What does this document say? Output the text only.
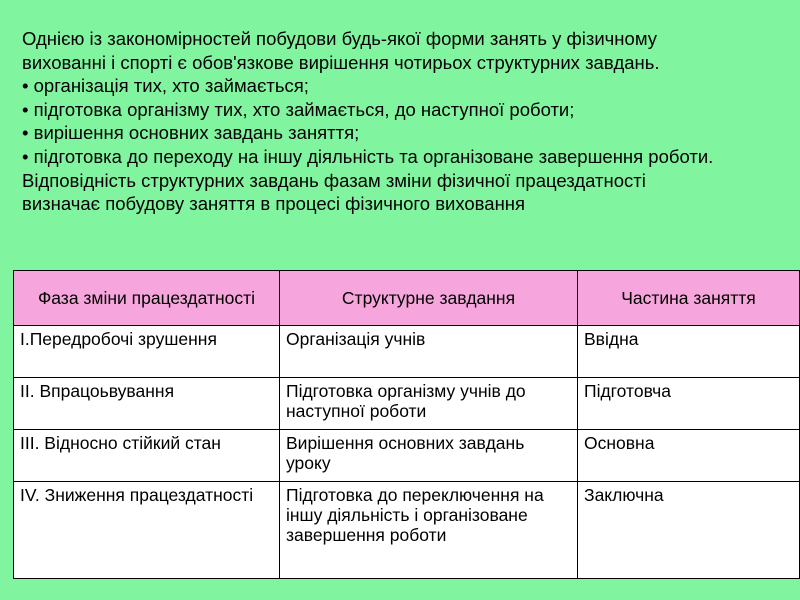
Однією із закономірностей побудови будь-якої форми занять у фізичному

вихованні і спорті є обов'язкове вирішення чотирьох структурних завдань.

• організація тих, хто займається;

• підготовка організму тих, хто займається, до наступної роботи;

• вирішення основних завдань заняття;

• підготовка до переходу на іншу діяльність та організоване завершення роботи.

Відповідність структурних завдань фазам зміни фізичної працездатності

визначає побудову заняття в процесі фізичного виховання

Фаза зміни працездатності	Структурне завдання	Частина заняття
І.Передробочі зрушення	Організація учнів	Ввідна
ІІ. Впрацоьвування	Підготовка організму учнів до наступної роботи	Підготовча
ІІІ. Відносно стійкий стан	Вирішення основних завдань уроку	Основна
IV. Зниження працездатності	Підготовка до переключення на іншу діяльність і організоване завершення роботи	Заключна
